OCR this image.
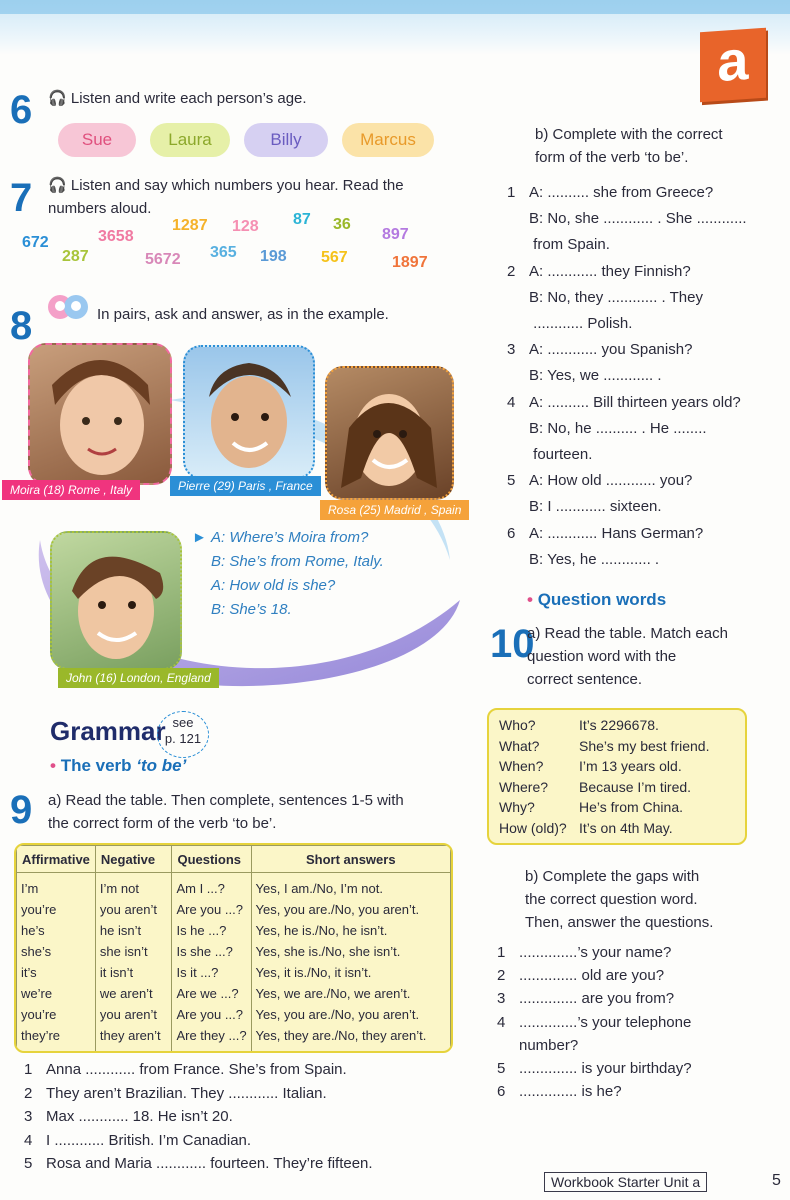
a
6 🎧 Listen and write each person’s age.
Sue	Laura	Billy	Marcus
7 🎧 Listen and say which numbers you hear. Read the
numbers aloud.
672	3658
287
1287 128 87 36
897
5672 365 198 567	1897
8	In pairs, ask and answer, as in the example.
Moira (18) Rome , Italy	Pierre (29) Paris , France
Rosa (25) Madrid , Spain
John (16) London, England
► A: Where’s Moira from?
B: She’s from Rome, Italy.
A: How old is she?
B: She’s 18.
Grammar see
p. 121
• The verb ‘to be’
9 a) Read the table. Then complete, sentences 1-5 with
the correct form of the verb ‘to be’.
Affirmative	Negative	Questions	Short answers
I’m	I’m not	Am I ...?	Yes, I am./No, I’m not.
you’re	you aren’t	Are you ...?	Yes, you are./No, you aren’t.
he’s	he isn’t	Is he ...?	Yes, he is./No, he isn’t.
she’s	she isn’t	Is she ...?	Yes, she is./No, she isn’t.
it’s	it isn’t	Is it ...?	Yes, it is./No, it isn’t.
we’re	we aren’t	Are we ...?	Yes, we are./No, we aren’t.
you’re	you aren’t	Are you ...?	Yes, you are./No, you aren’t.
they’re	they aren’t	Are they ...?	Yes, they are./No, they aren’t.
1 Anna ............ from France. She’s from Spain.
2 They aren’t Brazilian. They ............ Italian.
3 Max ............ 18. He isn’t 20.
4 I ............ British. I’m Canadian.
5 Rosa and Maria ............ fourteen. They’re fifteen.
b) Complete with the correct
form of the verb ‘to be’.
1 A: .......... she from Greece?
B: No, she ............ . She ............
from Spain.
2 A: ............ they Finnish?
B: No, they ............ . They
............ Polish.
3 A: ............ you Spanish?
B: Yes, we ............ .
4 A: .......... Bill thirteen years old?
B: No, he .......... . He ........
fourteen.
5 A: How old ............ you?
B: I ............ sixteen.
6 A: ............ Hans German?
B: Yes, he ............ .
• Question words
10
a) Read the table. Match each
question word with the
correct sentence.
Who?	It’s 2296678.
What?	She’s my best friend.
When?	I’m 13 years old.
Where?	Because I’m tired.
Why?	He’s from China.
How (old)? It’s on 4th May.
b) Complete the gaps with
the correct question word.
Then, answer the questions.
1 ..............’s your name?
2 .............. old are you?
3 .............. are you from?
4 ..............’s your telephone
number?
5 .............. is your birthday?
6 .............. is he?
Workbook Starter Unit a	5
